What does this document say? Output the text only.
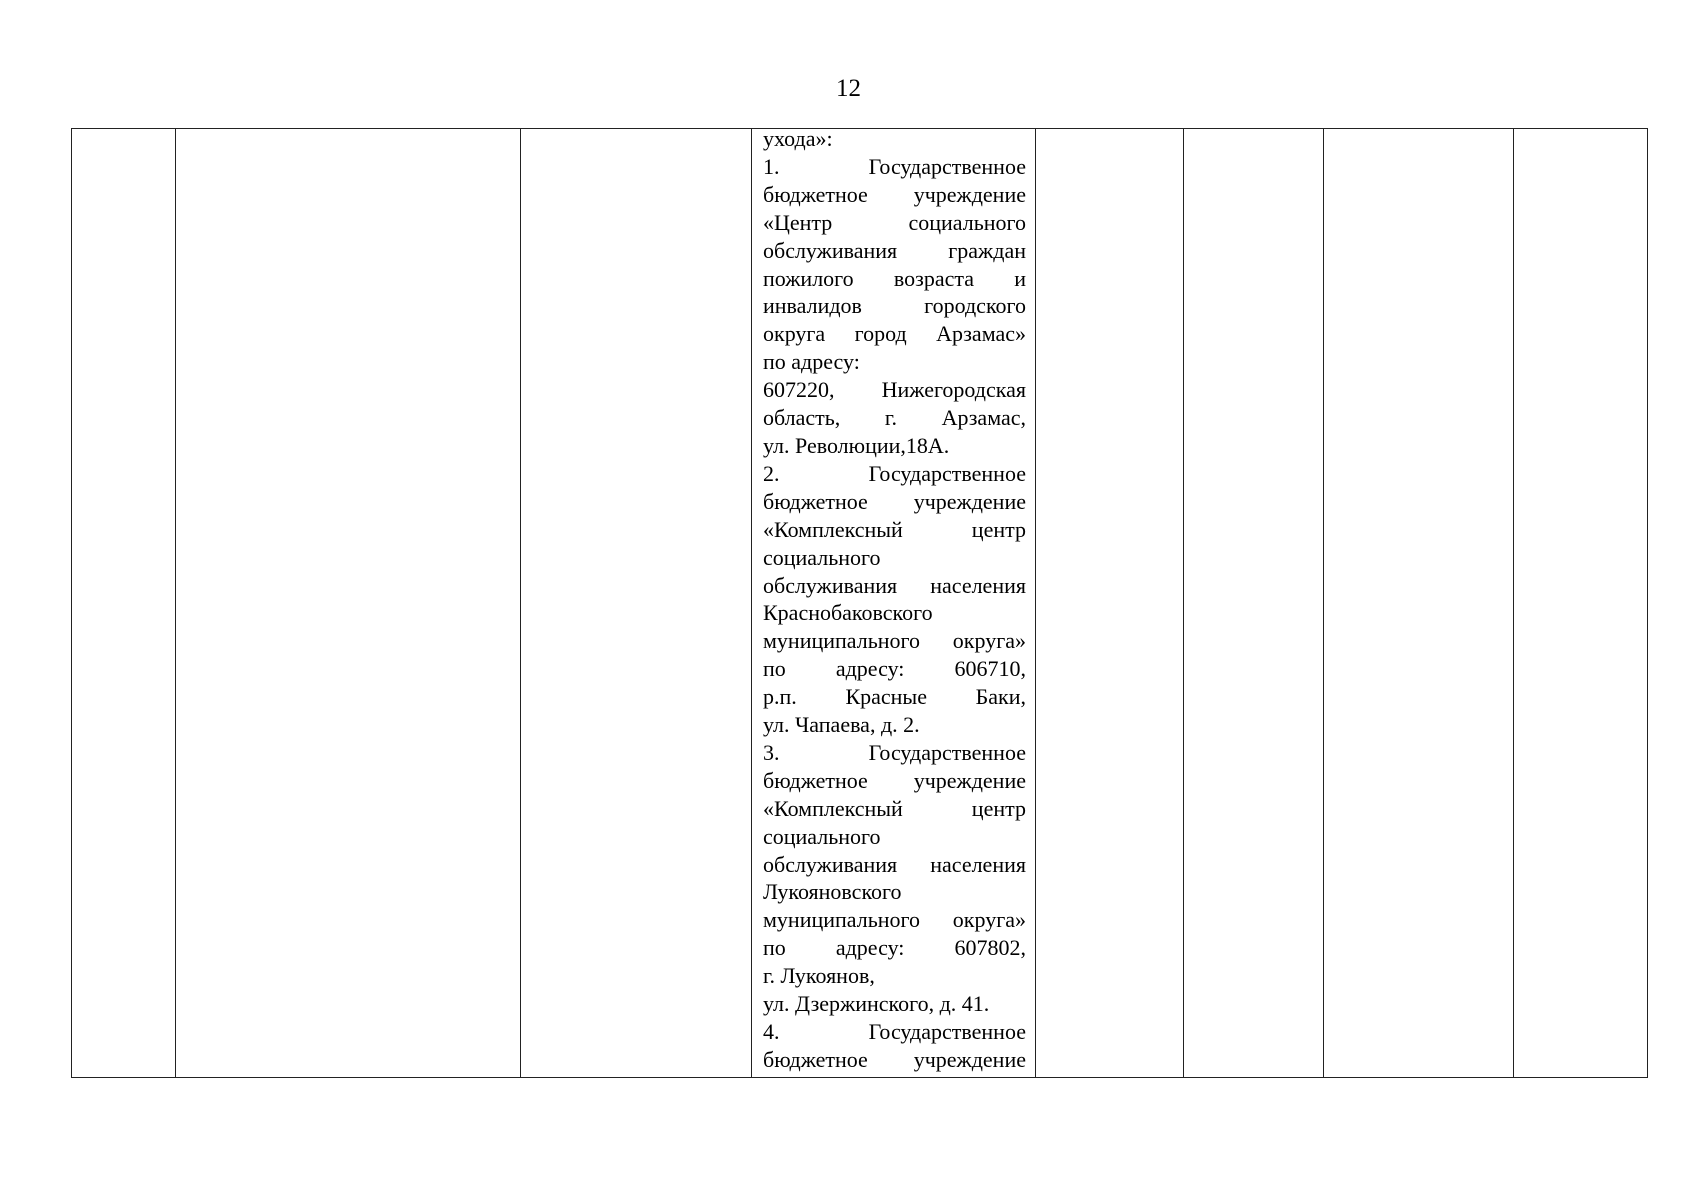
12

ухода»:
1. Государственное
бюджетное учреждение
«Центр социального
обслуживания граждан
пожилого возраста и
инвалидов городского
округа город Арзамас»
по адресу:
607220, Нижегородская
область, г. Арзамас,
ул. Революции,18А.
2. Государственное
бюджетное учреждение
«Комплексный центр
социального
обслуживания населения
Краснобаковского
муниципального округа»
по адресу: 606710,
р.п. Красные Баки,
ул. Чапаева, д. 2.
3. Государственное
бюджетное учреждение
«Комплексный центр
социального
обслуживания населения
Лукояновского
муниципального округа»
по адресу: 607802,
г. Лукоянов,
ул. Дзержинского, д. 41.
4. Государственное
бюджетное учреждение
